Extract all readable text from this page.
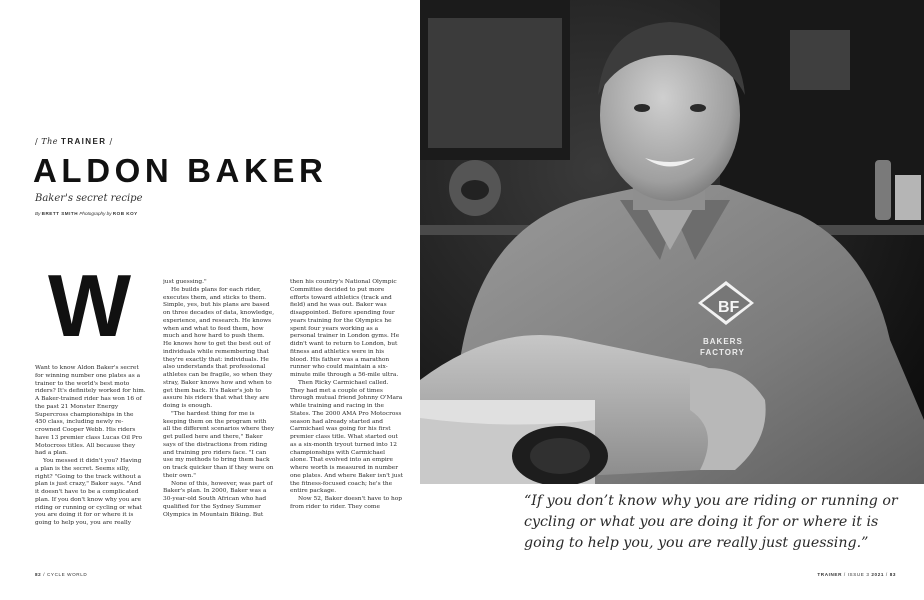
/ The TRAINER /
ALDON BAKER
Baker's secret recipe
By BRETT SMITH Photography by ROB KOY
W

Want to know Aldon Baker's secret for winning number one plates as a trainer to the world's best moto riders? It's definitely worked for him. A Baker-trained rider has won 16 of the past 21 Monster Energy Supercross championships in the 450 class, including newly re-crowned Cooper Webb. His riders have 13 premier class Lucas Oil Pro Motocross titles. All because they had a plan.

You messed it didn't you? Having a plan is the secret. Seems silly, right? "Going to the track without a plan is just crazy," Baker says. "And it doesn't have to be a complicated plan. If you don't know why you are riding or running or cycling or what you are doing it for or where it is going to help you, you are really

just guessing."

He builds plans for each rider, executes them, and sticks to them. Simple, yes, but his plans are based on three decades of data, knowledge, experience, and research. He knows when and what to feed them, how much and how hard to push them. He knows how to get the best out of individuals while remembering that they're exactly that: individuals. He also understands that professional athletes can be fragile, so when they stray, Baker knows how and when to get them back. It's Baker's job to assure his riders that what they are doing is enough.

"The hardest thing for me is keeping them on the program with all the different scenarios where they get pulled here and there," Baker says of the distractions from riding and training pro riders face. "I can use my methods to bring them back on track quicker than if they were on their own."

None of this, however, was part of Baker's plan. In 2000, Baker was a 30-year-old South African who had qualified for the Sydney Summer Olympics in Mountain Biking. But

then his country's National Olympic Committee decided to put more efforts toward athletics (track and field) and he was out. Baker was disappointed. Before spending four years training for the Olympics he spent four years working as a personal trainer in London gyms. He didn't want to return to London, but fitness and athletics were in his blood. His father was a marathon runner who could maintain a six-minute mile through a 56-mile ultra.

Then Ricky Carmichael called. They had met a couple of times through mutual friend Johnny O'Mara while training and racing in the States. The 2000 AMA Pro Motocross season had already started and Carmichael was going for his first premier class title. What started out as a six-month tryout turned into 12 championships with Carmichael alone. That evolved into an empire where worth is measured in number one plates. And where Baker isn't just the fitness-focused coach; he's the entire package.

Now 52, Baker doesn't have to hop from rider to rider. They come

82 / CYCLE WORLD
BF
BAKERS
FACTORY
“If you don’t know why you are riding or running or cycling or what you are doing it for or where it is going to help you, you are really just guessing.”
TRAINER / ISSUE 3 2021 / 83
